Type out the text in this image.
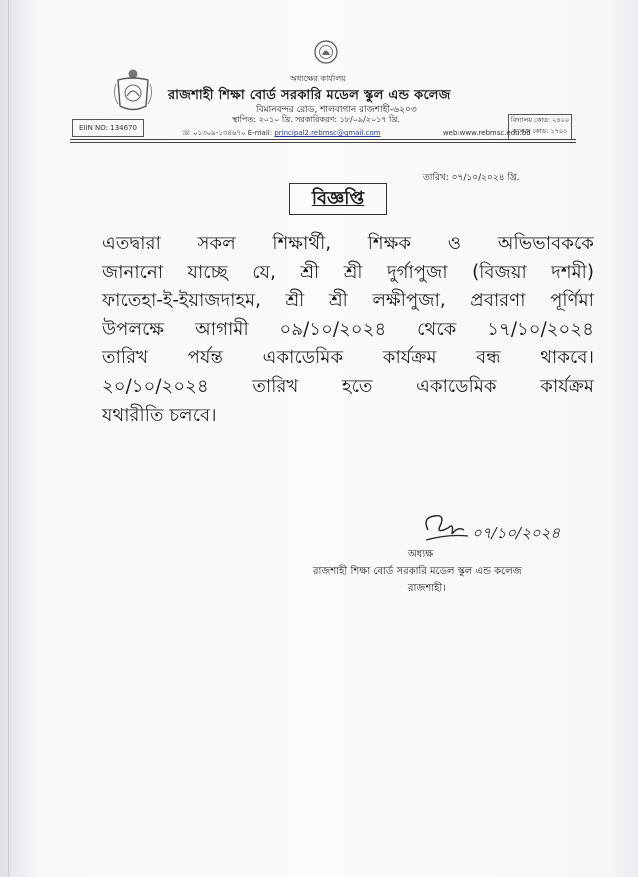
অধ্যক্ষের কার্যালয়
রাজশাহী শিক্ষা বোর্ড সরকারি মডেল স্কুল এন্ড কলেজ
বিমানবন্দর রোড, শালবাগান রাজশাহী-৬২০৩
স্থাপিত: ২০১০ খ্রি. সরকারিকরণ: ১৮/০৯/২০১৭ খ্রি.
EIIN NO: 134670
বিদ্যালয় কোড: ২৪০০
কলেজ কোড: ১৭০১
☏ ০১৩০৯-১৩৪৬৭০ E-mail: principal2.rebmsc@gmail.com	web:www.rebmsc.edu.bd
তারিখ: ০৭/১০/২০২৪ খ্রি.
বিজ্ঞপ্তি
এতদ্বারা সকল শিক্ষার্থী, শিক্ষক ও অভিভাবককে
জানানো যাচ্ছে যে, শ্রী শ্রী দুর্গাপুজা (বিজয়া দশমী)
ফাতেহা-ই-ইয়াজদাহম, শ্রী শ্রী লক্ষীপুজা, প্রবারণা পূর্ণিমা
উপলক্ষে আগামী ০৯/১০/২০২৪ থেকে ১৭/১০/২০২৪
তারিখ পর্যন্ত একাডেমিক কার্যক্রম বন্ধ থাকবে।
২০/১০/২০২৪ তারিখ হতে একাডেমিক কার্যক্রম
যথারীতি চলবে।
০৭/১০/২০২৪
অধ্যক্ষ
রাজশাহী শিক্ষা বোর্ড সরকারি মডেল স্কুল এন্ড কলেজ
রাজশাহী।
